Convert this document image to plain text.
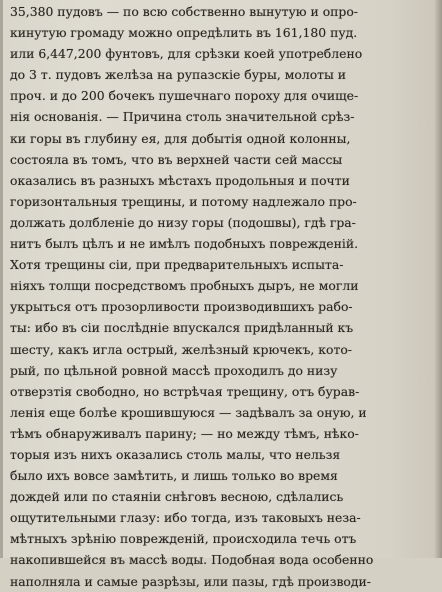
35,380 пудовъ — по всю собственно вынутую и опро-
кинутую громаду можно опредѣлить въ 161,180 пуд.
или 6,447,200 фунтовъ, для срѣзки коей употреблено
до 3 т. пудовъ желѣза на рупазскіе буры, молоты и
проч. и до 200 бочекъ пушечнаго пороху для очище-
нія основанія. — Причина столь значительной срѣз-
ки горы въ глубину ея, для добытія одной колонны,
состояла въ томъ, что въ верхней части сей массы
оказались въ разныхъ мѣстахъ продольныя и почти
горизонтальныя трещины, и потому надлежало про-
должать долбленіе до низу горы (подошвы), гдѣ гра-
нитъ былъ цѣлъ и не имѣлъ подобныхъ поврежденій.
Хотя трещины сіи, при предварительныхъ испыта-
ніяхъ толщи посредствомъ пробныхъ дыръ, не могли
укрыться отъ прозорливости производившихъ рабо-
ты: ибо въ сіи послѣдніе впускался придѣланный къ
шесту, какъ игла острый, желѣзный крючекъ, кото-
рый, по цѣльной ровной массѣ проходилъ до низу
отверзтія свободно, но встрѣчая трещину, отъ бурав-
ленія еще болѣе крошившуюся — задѣвалъ за оную, и
тѣмъ обнаруживалъ парину; — но между тѣмъ, нѣко-
торыя изъ нихъ оказались столь малы, что нельзя
было ихъ вовсе замѣтить, и лишь только во время
дождей или по стаяніи снѣговъ весною, сдѣлались
ощутительными глазу: ибо тогда, изъ таковыхъ неза-
мѣтныхъ зрѣнію поврежденій, происходила течь отъ
накопившейся въ массѣ воды. Подобная вода особенно
наполняла и самые разрѣзы, или пазы, гдѣ производи-
